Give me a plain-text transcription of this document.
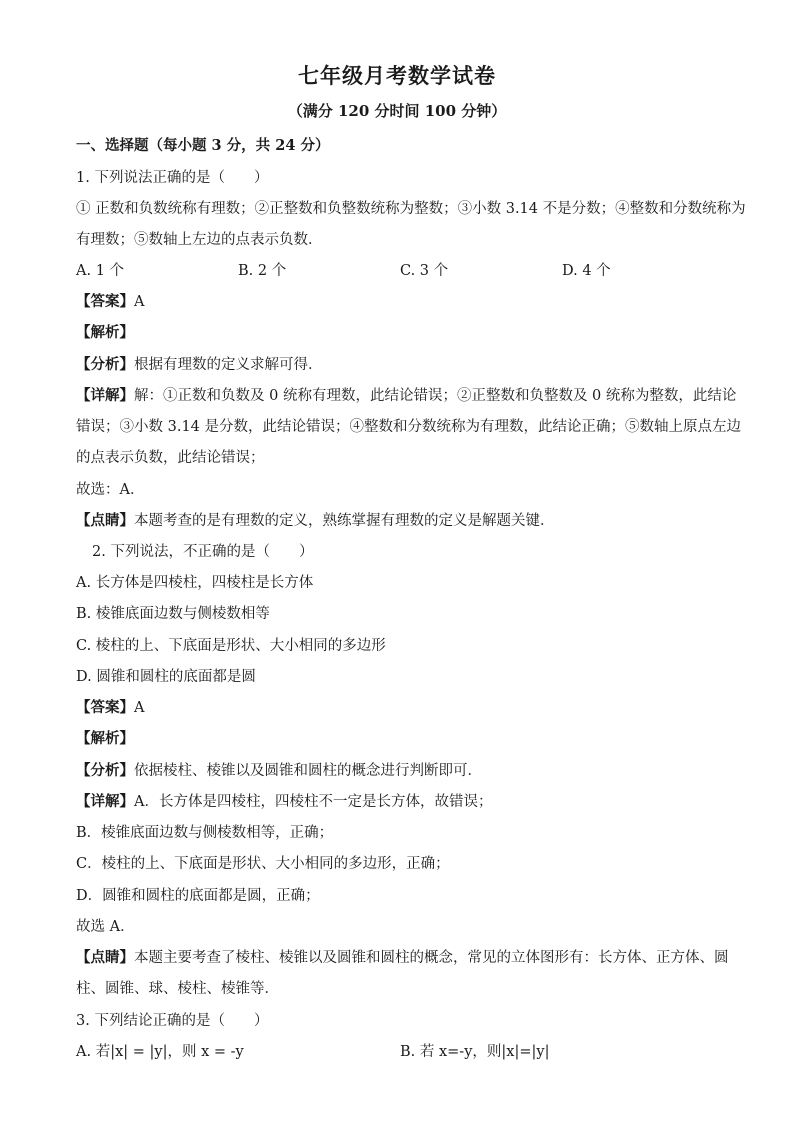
七年级月考数学试卷
（满分 120 分时间 100 分钟）
一、选择题（每小题 3 分，共 24 分）
1. 下列说法正确的是（　　）
① 正数和负数统称有理数；②正整数和负整数统称为整数；③小数 3.14 不是分数；④整数和分数统称为
有理数；⑤数轴上左边的点表示负数．
A. 1 个	B. 2 个	C. 3 个	D. 4 个
【答案】A
【解析】
【分析】根据有理数的定义求解可得．
【详解】解：①正数和负数及 0 统称有理数，此结论错误；②正整数和负整数及 0 统称为整数，此结论
错误；③小数 3.14 是分数，此结论错误；④整数和分数统称为有理数，此结论正确；⑤数轴上原点左边
的点表示负数，此结论错误；
故选：A．
【点睛】本题考查的是有理数的定义，熟练掌握有理数的定义是解题关键．
2. 下列说法，不正确的是（　　）
A. 长方体是四棱柱，四棱柱是长方体
B. 棱锥底面边数与侧棱数相等
C. 棱柱的上、下底面是形状、大小相同的多边形
D. 圆锥和圆柱的底面都是圆
【答案】A
【解析】
【分析】依据棱柱、棱锥以及圆锥和圆柱的概念进行判断即可．
【详解】A．长方体是四棱柱，四棱柱不一定是长方体，故错误；
B．棱锥底面边数与侧棱数相等，正确；
C．棱柱的上、下底面是形状、大小相同的多边形，正确；
D．圆锥和圆柱的底面都是圆，正确；
故选 A．
【点睛】本题主要考查了棱柱、棱锥以及圆锥和圆柱的概念，常见的立体图形有：长方体、正方体、圆
柱、圆锥、球、棱柱、棱锥等．
3. 下列结论正确的是（　　）
A. 若|x| = |y|，则 x = -y	B. 若 x=-y，则|x|=|y|
